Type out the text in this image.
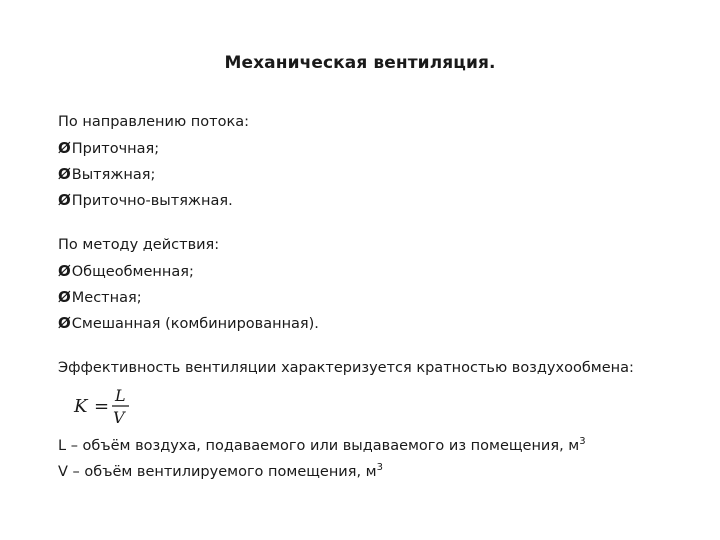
Механическая вентиляция.
По направлению потока:
ØПриточная;
ØВытяжная;
ØПриточно-вытяжная.
По методу действия:
ØОбщеобменная;
ØМестная;
ØСмешанная (комбинированная).
Эффективность вентиляции характеризуется кратностью воздухообмена:
K =
L
V
L – объём воздуха, подаваемого или выдаваемого из помещения, $м^3$
V – объём вентилируемого помещения, $м^3$
